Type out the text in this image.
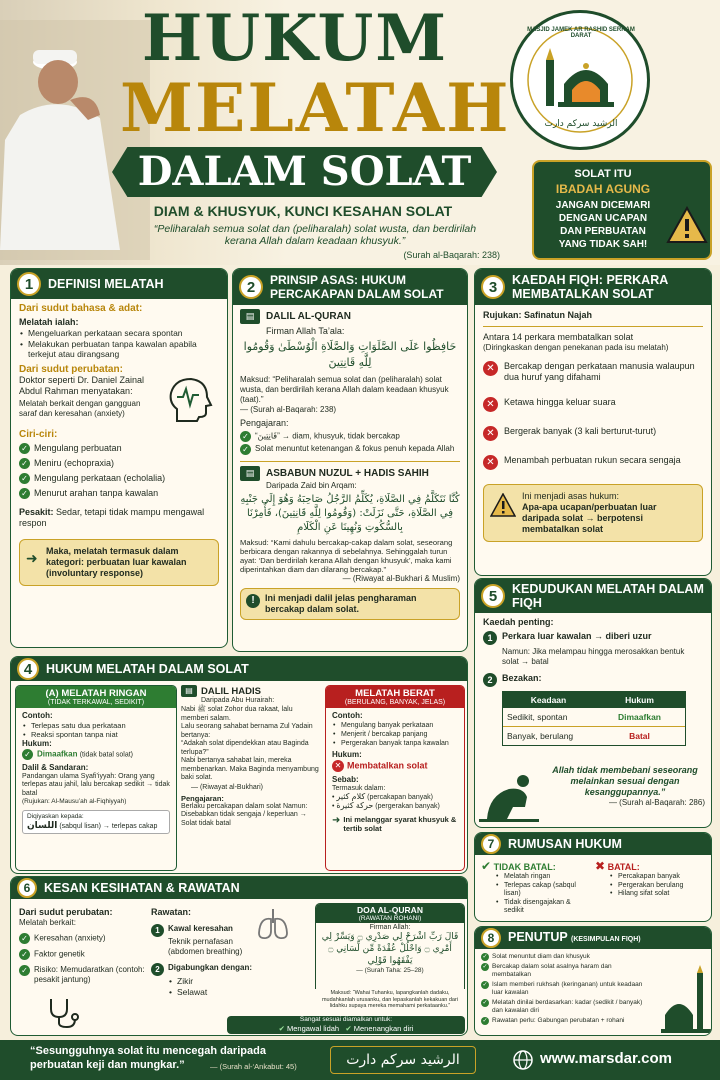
HUKUM
MELATAH
DALAM SOLAT
DIAM & KHUSYUK, KUNCI KESAHAN SOLAT
“Peliharalah semua solat dan (peliharalah) solat wusta, dan berdirilah kerana Allah dalam keadaan khusyuk.”
(Surah al-Baqarah: 238)
MASJID JAMEK AR RASHID SERKAM DARAT
الرشيد سركم دارت
SOLAT ITU
IBADAH AGUNG
JANGAN DICEMARI
DENGAN UCAPAN
DAN PERBUATAN
YANG TIDAK SAH!
1	DEFINISI MELATAH
Dari sudut bahasa & adat:
Melatah ialah:
• Mengeluarkan perkataan secara spontan
• Melakukan perbuatan tanpa kawalan apabila terkejut atau dirangsang
Dari sudut perubatan:
Doktor seperti Dr. Daniel Zainal Abdul Rahman menyatakan:
Melatah berkait dengan gangguan saraf dan keresahan (anxiety)
Ciri-ciri:
✓ Mengulang perbuatan
✓ Meniru (echopraxia)
✓ Mengulang perkataan (echolalia)
✓ Menurut arahan tanpa kawalan
Pesakit: Sedar, tetapi tidak mampu mengawal respon
➜ Maka, melatah termasuk dalam kategori: perbuatan luar kawalan (involuntary response)
2	PRINSIP ASAS: HUKUM PERCAKAPAN DALAM SOLAT
▤	DALIL AL-QURAN
Firman Allah Ta’ala:
حَافِظُوا عَلَى الصَّلَوَاتِ وَالصَّلَاةِ الْوُسْطَىٰ وَقُومُوا لِلَّهِ قَانِتِينَ
Maksud: “Peliharalah semua solat dan (peliharalah) solat wusta, dan berdirilah kerana Allah dalam keadaan khusyuk (taat).”
— (Surah al-Baqarah: 238)
Pengajaran:
✓ “قَانِتِينَ” → diam, khusyuk, tidak bercakap
✓ Solat menuntut ketenangan & fokus penuh kepada Allah
▤	ASBABUN NUZUL + HADIS SAHIH
Daripada Zaid bin Arqam:
كُنَّا نَتَكَلَّمُ فِي الصَّلَاةِ، يُكَلِّمُ الرَّجُلُ صَاحِبَهُ وَهُوَ إِلَى جَنْبِهِ فِي الصَّلَاةِ، حَتَّى نَزَلَتْ: (وَقُومُوا لِلَّهِ قَانِتِينَ)، فَأُمِرْنَا بِالسُّكُوتِ وَنُهِينَا عَنِ الْكَلَامِ
Maksud: “Kami dahulu bercakap-cakap dalam solat, seseorang berbicara dengan rakannya di sebelahnya. Sehinggalah turun ayat: ‘Dan berdirilah kerana Allah dengan khusyuk’, maka kami diperintahkan diam dan dilarang bercakap.”
— (Riwayat al-Bukhari & Muslim)
!	Ini menjadi dalil jelas pengharaman bercakap dalam solat.
3	KAEDAH FIQH: PERKARA MEMBATALKAN SOLAT
Rujukan: Safinatun Najah
Antara 14 perkara membatalkan solat
(Diringkaskan dengan penekanan pada isu melatah)
✕	Bercakap dengan perkataan manusia walaupun dua huruf yang difahami
✕	Ketawa hingga keluar suara
✕	Bergerak banyak (3 kali berturut-turut)
✕	Menambah perbuatan rukun secara sengaja
Ini menjadi asas hukum:
Apa-apa ucapan/perbuatan luar daripada solat → berpotensi membatalkan solat
5	KEDUDUKAN MELATAH DALAM FIQH
Kaedah penting:
1	Perkara luar kawalan → diberi uzur
Namun: Jika melampau hingga merosakkan bentuk solat → batal
2	Bezakan:
Keadaan	Hukum
Sedikit, spontan	Dimaafkan
Banyak, berulang	Batal
Allah tidak membebani seseorang melainkan sesuai dengan kesanggupannya.”
— (Surah al-Baqarah: 286)
4	HUKUM MELATAH DALAM SOLAT
(A) MELATAH RINGAN
(TIDAK TERKAWAL, SEDIKIT)
Contoh:
• Terlepas satu dua perkataan
• Reaksi spontan tanpa niat
Hukum:
✓ Dimaafkan (tidak batal solat)
Dalil & Sandaran:
Pandangan ulama Syafi’iyyah: Orang yang terlepas atau jahil, lalu bercakap sedikit → tidak batal
(Rujukan: Al-Mausu’ah al-Fiqhiyyah)
Diqiyaskan kepada:
اللسان (sabqul lisan) → terlepas cakap
▤ DALIL HADIS
Daripada Abu Hurairah:
Nabi ﷺ solat Zohor dua rakaat, lalu memberi salam.
Lalu seorang sahabat bernama Zul Yadain bertanya:
“Adakah solat dipendekkan atau Baginda terlupa?”
Nabi bertanya sahabat lain, mereka membenarkan. Maka Baginda menyambung baki solat.
— (Riwayat al-Bukhari)
Pengajaran:
Berlaku percakapan dalam solat Namun: Disebabkan tidak sengaja / keperluan → Solat tidak batal
MELATAH BERAT
(BERULANG, BANYAK, JELAS)
Contoh:
• Mengulang banyak perkataan
• Menjerit / bercakap panjang
• Pergerakan banyak tanpa kawalan
Hukum:
✕ Membatalkan solat
Sebab:
Termasuk dalam:
• كلام كثير (percakapan banyak)
• حركة كثيرة (pergerakan banyak)
➜ Ini melanggar syarat khusyuk & tertib solat
7	RUMUSAN HUKUM
✔ TIDAK BATAL:
• Melatah ringan
• Terlepas cakap (sabqul lisan)
• Tidak disengajakan & sedikit
✖ BATAL:
• Percakapan banyak
• Pergerakan berulang
• Hilang sifat solat
6	KESAN KESIHATAN & RAWATAN
Dari sudut perubatan:
Melatah berkait:
✓ Keresahan (anxiety)
✓ Faktor genetik
✓ Risiko: Memudaratkan (contoh: pesakit jantung)
Rawatan:
1	Kawal keresahan
Teknik pernafasan (abdomen breathing)
2	Digabungkan dengan:
• Zikir
• Selawat
DOA AL-QURAN
(RAWATAN ROHANI)
Firman Allah:
قَالَ رَبِّ اشْرَحْ لِي صَدْرِي ۝ وَيَسِّرْ لِي أَمْرِي ۝ وَاحْلُلْ عُقْدَةً مِّن لِّسَانِي ۝ يَفْقَهُوا قَوْلِي
— (Surah Taha: 25–28)
Maksud: “Wahai Tuhanku, lapangkanlah dadaku, mudahkanlah urusanku, dan lepaskanlah kekakuan dari lidahku supaya mereka memahami perkataanku.”
Sangat sesuai diamalkan untuk:
✔ Mengawal lidah ✔ Menenangkan diri
8	PENUTUP (KESIMPULAN FIQH)
✓ Solat menuntut diam dan khusyuk
✓ Bercakap dalam solat asalnya haram dan membatalkan
✓ Islam memberi rukhsah (keringanan) untuk keadaan luar kawalan
✓ Melatah dinilai berdasarkan: kadar (sedikit / banyak) dan kawalan diri
✓ Rawatan perlu: Gabungan perubatan + rohani
“Sesungguhnya solat itu mencegah daripada perbuatan keji dan mungkar.”	— (Surah al-‘Ankabut: 45)	الرشيد سركم دارت	www.marsdar.com
